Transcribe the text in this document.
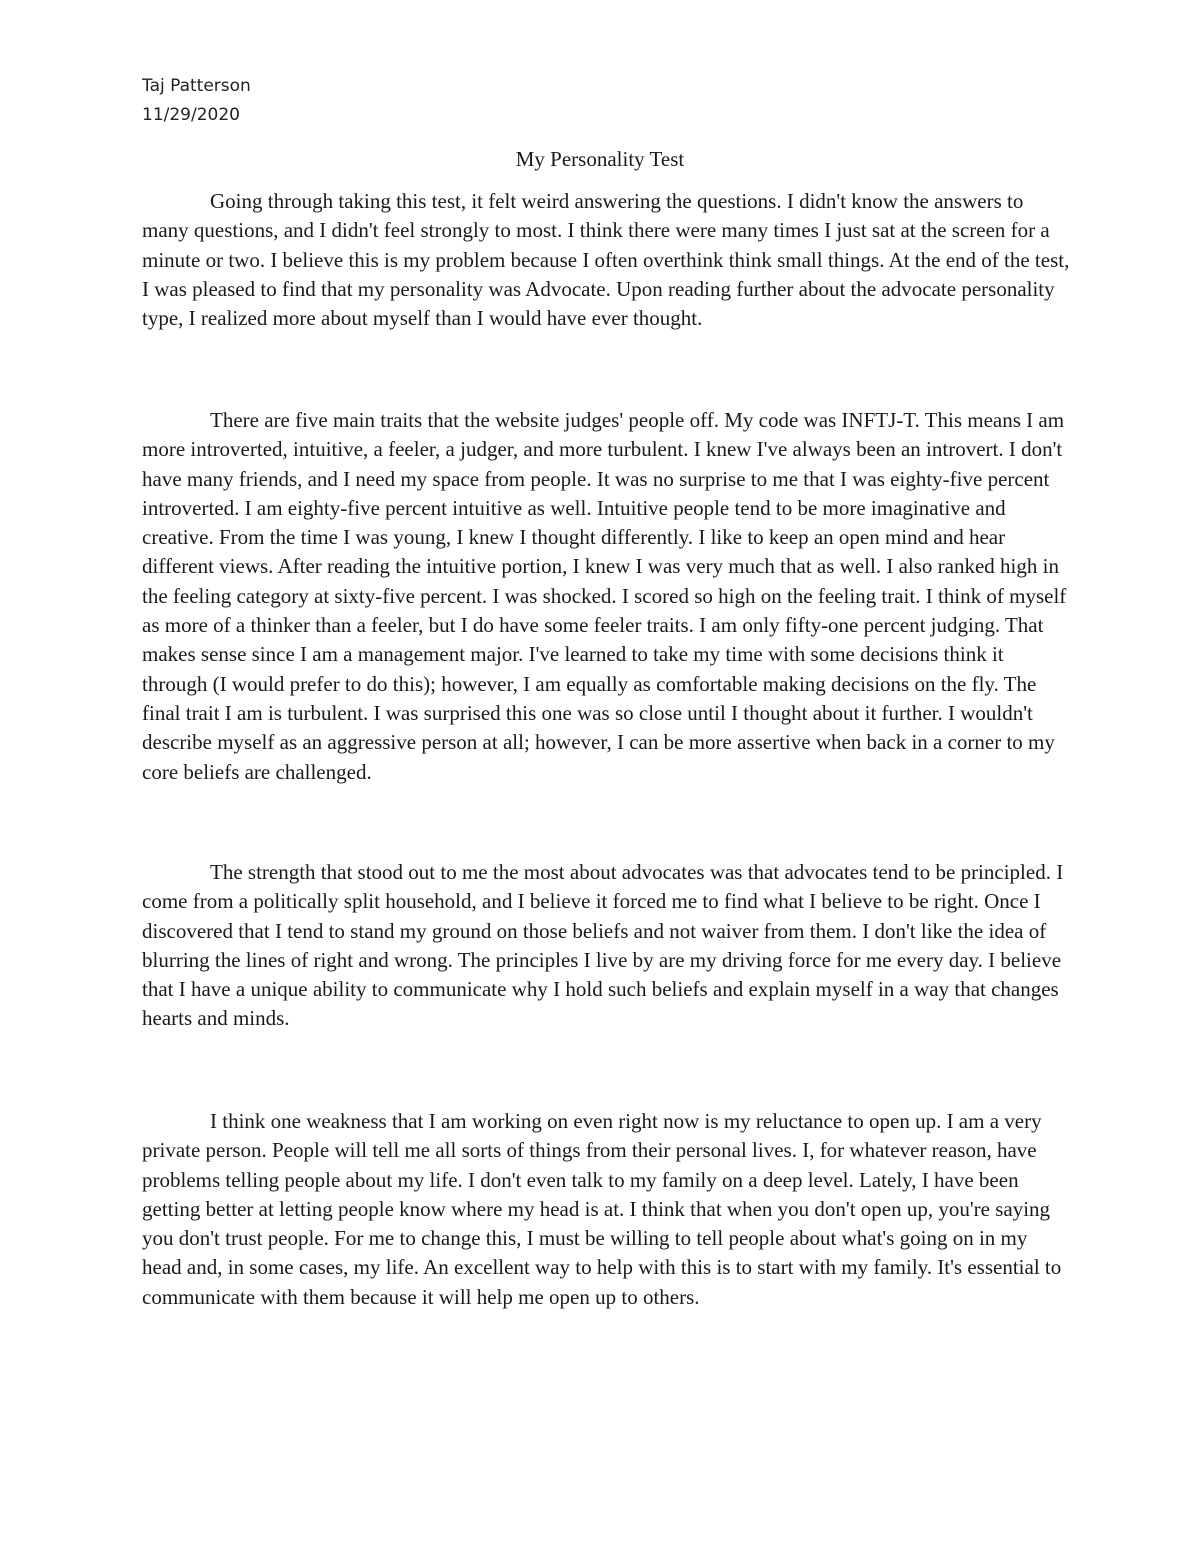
Taj Patterson

11/29/2020

My Personality Test

Going through taking this test, it felt weird answering the questions. I didn't know the answers to many questions, and I didn't feel strongly to most. I think there were many times I just sat at the screen for a minute or two. I believe this is my problem because I often overthink think small things. At the end of the test, I was pleased to find that my personality was Advocate. Upon reading further about the advocate personality type, I realized more about myself than I would have ever thought.

There are five main traits that the website judges' people off. My code was INFTJ-T. This means I am more introverted, intuitive, a feeler, a judger, and more turbulent. I knew I've always been an introvert. I don't have many friends, and I need my space from people. It was no surprise to me that I was eighty-five percent introverted. I am eighty-five percent intuitive as well. Intuitive people tend to be more imaginative and creative. From the time I was young, I knew I thought differently. I like to keep an open mind and hear different views. After reading the intuitive portion, I knew I was very much that as well. I also ranked high in the feeling category at sixty-five percent. I was shocked. I scored so high on the feeling trait. I think of myself as more of a thinker than a feeler, but I do have some feeler traits. I am only fifty-one percent judging. That makes sense since I am a management major. I've learned to take my time with some decisions think it through (I would prefer to do this); however, I am equally as comfortable making decisions on the fly. The final trait I am is turbulent. I was surprised this one was so close until I thought about it further. I wouldn't describe myself as an aggressive person at all; however, I can be more assertive when back in a corner to my core beliefs are challenged.

The strength that stood out to me the most about advocates was that advocates tend to be principled. I come from a politically split household, and I believe it forced me to find what I believe to be right. Once I discovered that I tend to stand my ground on those beliefs and not waiver from them. I don't like the idea of blurring the lines of right and wrong. The principles I live by are my driving force for me every day. I believe that I have a unique ability to communicate why I hold such beliefs and explain myself in a way that changes hearts and minds.

I think one weakness that I am working on even right now is my reluctance to open up. I am a very private person. People will tell me all sorts of things from their personal lives. I, for whatever reason, have problems telling people about my life. I don't even talk to my family on a deep level. Lately, I have been getting better at letting people know where my head is at. I think that when you don't open up, you're saying you don't trust people. For me to change this, I must be willing to tell people about what's going on in my head and, in some cases, my life. An excellent way to help with this is to start with my family. It's essential to communicate with them because it will help me open up to others.
